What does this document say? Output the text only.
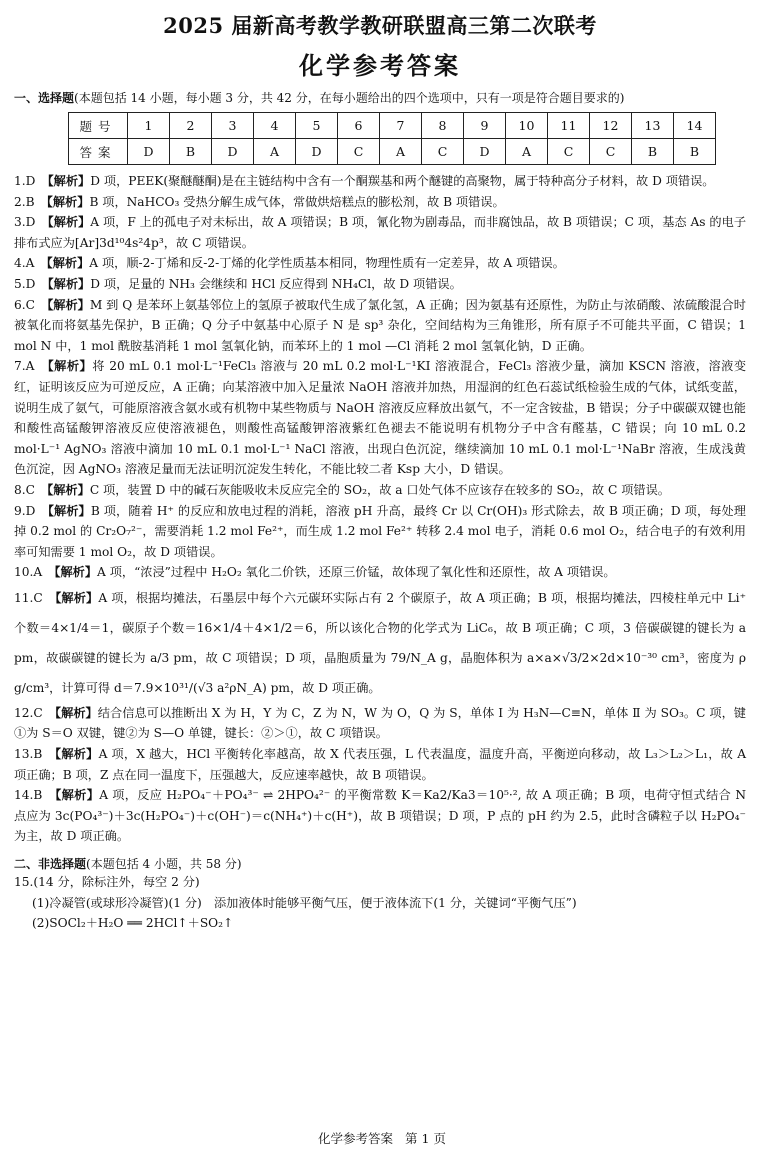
2025 届新高考教学教研联盟高三第二次联考
化学参考答案
一、选择题(本题包括 14 小题，每小题 3 分，共 42 分，在每小题给出的四个选项中，只有一项是符合题目要求的)
题号	1	2	3	4	5	6	7	8	9	10	11	12	13	14
答案	D	B	D	A	D	C	A	C	D	A	C	C	B	B

1.D　 【解析】D 项，PEEK(聚醚醚酮)是在主链结构中含有一个酮羰基和两个醚键的高聚物，属于特种高分子材料，故 D 项错误。

2.B　 【解析】B 项，NaHCO₃ 受热分解生成气体，常做烘焙糕点的膨松剂，故 B 项错误。

3.D　 【解析】A 项，F 上的孤电子对未标出，故 A 项错误；B 项，氰化物为剧毒品，而非腐蚀品，故 B 项错误；C 项，基态 As 的电子排布式应为[Ar]3d¹⁰4s²4p³，故 C 项错误。

4.A　 【解析】A 项，顺-2-丁烯和反-2-丁烯的化学性质基本相同，物理性质有一定差异，故 A 项错误。

5.D　 【解析】D 项，足量的 NH₃ 会继续和 HCl 反应得到 NH₄Cl，故 D 项错误。

6.C　 【解析】M 到 Q 是苯环上氨基邻位上的氢原子被取代生成了氯化氢，A 正确；因为氨基有还原性，为防止与浓硝酸、浓硫酸混合时被氧化而将氨基先保护，B 正确；Q 分子中氨基中心原子 N 是 sp³ 杂化，空间结构为三角锥形，所有原子不可能共平面，C 错误；1 mol N 中，1 mol 酰胺基消耗 1 mol 氢氧化钠，而苯环上的 1 mol —Cl 消耗 2 mol 氢氧化钠，D 正确。

7.A　 【解析】将 20 mL 0.1 mol·L⁻¹FeCl₃ 溶液与 20 mL 0.2 mol·L⁻¹KI 溶液混合，FeCl₃ 溶液少量，滴加 KSCN 溶液，溶液变红，证明该反应为可逆反应，A 正确；向某溶液中加入足量浓 NaOH 溶液并加热，用湿润的红色石蕊试纸检验生成的气体，试纸变蓝，说明生成了氨气，可能原溶液含氨水或有机物中某些物质与 NaOH 溶液反应释放出氨气，不一定含铵盐，B 错误；分子中碳碳双键也能和酸性高锰酸钾溶液反应使溶液褪色，则酸性高锰酸钾溶液紫红色褪去不能说明有机物分子中含有醛基，C 错误；向 10 mL 0.2 mol·L⁻¹ AgNO₃ 溶液中滴加 10 mL 0.1 mol·L⁻¹ NaCl 溶液，出现白色沉淀，继续滴加 10 mL 0.1 mol·L⁻¹NaBr 溶液，生成浅黄色沉淀，因 AgNO₃ 溶液足量而无法证明沉淀发生转化，不能比较二者 Ksp 大小，D 错误。

8.C　 【解析】C 项，装置 D 中的碱石灰能吸收未反应完全的 SO₂，故 a 口处气体不应该存在较多的 SO₂，故 C 项错误。

9.D　 【解析】B 项，随着 H⁺ 的反应和放电过程的消耗，溶液 pH 升高，最终 Cr 以 Cr(OH)₃ 形式除去，故 B 项正确；D 项，每处理掉 0.2 mol 的 Cr₂O₇²⁻，需要消耗 1.2 mol Fe²⁺，而生成 1.2 mol Fe²⁺ 转移 2.4 mol 电子，消耗 0.6 mol O₂，结合电子的有效利用率可知需要 1 mol O₂，故 D 项错误。

10.A　 【解析】A 项，“浓浸”过程中 H₂O₂ 氧化二价铁，还原三价锰，故体现了氧化性和还原性，故 A 项错误。

11.C　 【解析】A 项，根据均摊法，石墨层中每个六元碳环实际占有 2 个碳原子，故 A 项正确；B 项，根据均摊法，四棱柱单元中 Li⁺ 个数＝4×1/4＝1，碳原子个数＝16×1/4＋4×1/2＝6，所以该化合物的化学式为 LiC₆，故 B 项正确；C 项，3 倍碳碳键的键长为 a pm，故碳碳键的键长为 a/3 pm，故 C 项错误；D 项，晶胞质量为 79/N_A g，晶胞体积为 a×a×√3/2×2d×10⁻³⁰ cm³，密度为 ρ g/cm³，计算可得 d＝7.9×10³¹/(√3 a²ρN_A) pm，故 D 项正确。

12.C　 【解析】结合信息可以推断出 X 为 H，Y 为 C，Z 为 N，W 为 O，Q 为 S，单体 Ⅰ 为 H₃N—C≡N，单体 Ⅱ 为 SO₃。C 项，键①为 S＝O 双键，键②为 S—O 单键，键长：②＞①，故 C 项错误。

13.B　 【解析】A 项，X 越大，HCl 平衡转化率越高，故 X 代表压强，L 代表温度，温度升高，平衡逆向移动，故 L₃＞L₂＞L₁，故 A 项正确；B 项，Z 点在同一温度下，压强越大，反应速率越快，故 B 项错误。

14.B　 【解析】A 项，反应 H₂PO₄⁻＋PO₄³⁻ ⇌ 2HPO₄²⁻ 的平衡常数 K＝Ka2/Ka3＝10⁵·², 故 A 项正确；B 项，电荷守恒式结合 N 点应为 3c(PO₄³⁻)＋3c(H₂PO₄⁻)＋c(OH⁻)＝c(NH₄⁺)＋c(H⁺)，故 B 项错误；D 项，P 点的 pH 约为 2.5，此时含磷粒子以 H₂PO₄⁻ 为主，故 D 项正确。

二、非选择题(本题包括 4 小题，共 58 分)

15.(14 分，除标注外，每空 2 分)

(1)冷凝管(或球形冷凝管)(1 分)　添加液体时能够平衡气压，便于液体流下(1 分，关键词“平衡气压”)

(2)SOCl₂＋H₂O ══ 2HCl↑＋SO₂↑

化学参考答案 第 1 页
